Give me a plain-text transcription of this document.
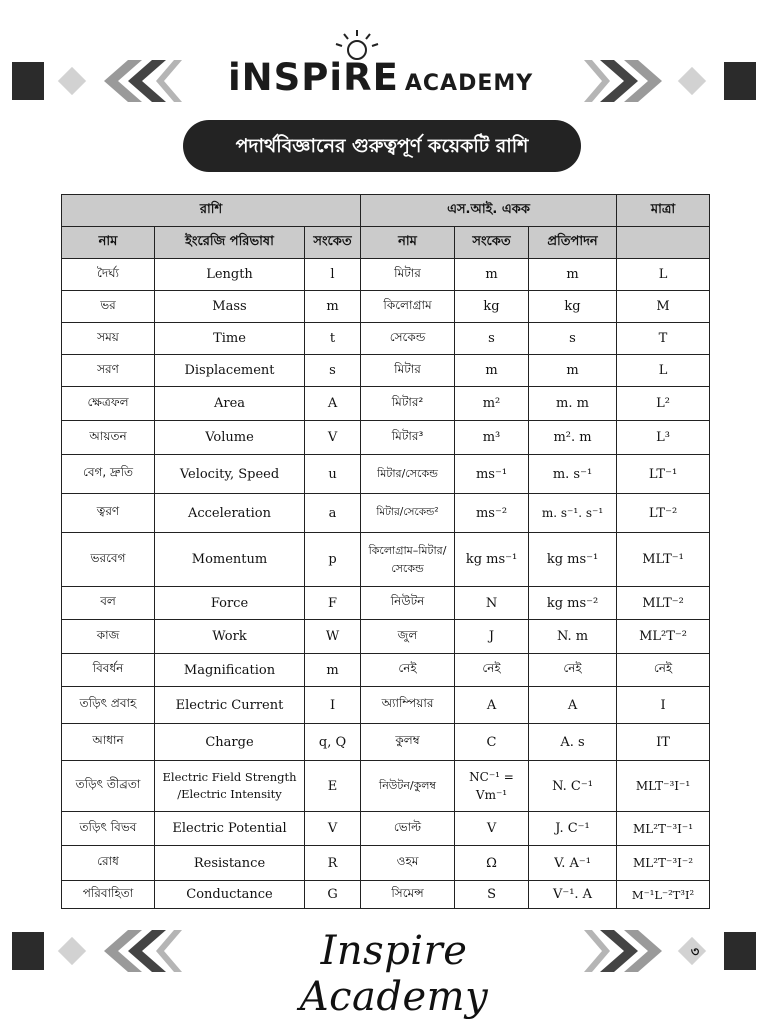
iNSPiRE ACADEMY
পদার্থবিজ্ঞানের গুরুত্বপূর্ণ কয়েকটি রাশি
রাশি			এস.আই. একক			মাত্রা
নাম	ইংরেজি পরিভাষা	সংকেত	নাম	সংকেত	প্রতিপাদন	
দৈর্ঘ্য	Length	l	মিটার	m	m	L
ভর	Mass	m	কিলোগ্রাম	kg	kg	M
সময়	Time	t	সেকেন্ড	s	s	T
সরণ	Displacement	s	মিটার	m	m	L
ক্ষেত্রফল	Area	A	মিটার²	m²	m. m	L²
আয়তন	Volume	V	মিটার³	m³	m². m	L³
বেগ, দ্রুতি	Velocity, Speed	u	মিটার/সেকেন্ড	ms⁻¹	m. s⁻¹	LT⁻¹
ত্বরণ	Acceleration	a	মিটার/সেকেন্ড²	ms⁻²	m. s⁻¹. s⁻¹	LT⁻²
ভরবেগ	Momentum	p	কিলোগ্রাম–মিটার/সেকেন্ড	kg ms⁻¹	kg ms⁻¹	MLT⁻¹
বল	Force	F	নিউটন	N	kg ms⁻²	MLT⁻²
কাজ	Work	W	জুল	J	N. m	ML²T⁻²
বিবর্ধন	Magnification	m	নেই	নেই	নেই	নেই
তড়িৎ প্রবাহ	Electric Current	I	অ্যাম্পিয়ার	A	A	I
আধান	Charge	q, Q	কুলম্ব	C	A. s	IT
তড়িৎ তীব্রতা	Electric Field Strength /Electric Intensity	E	নিউটন/কুলম্ব	NC⁻¹ = Vm⁻¹	N. C⁻¹	MLT⁻³I⁻¹
তড়িৎ বিভব	Electric Potential	V	ভোল্ট	V	J. C⁻¹	ML²T⁻³I⁻¹
রোধ	Resistance	R	ওহম	Ω	V. A⁻¹	ML²T⁻³I⁻²
পরিবাহিতা	Conductance	G	সিমেন্স	S	V⁻¹. A	M⁻¹L⁻²T³I²
Inspire Academy
৩
